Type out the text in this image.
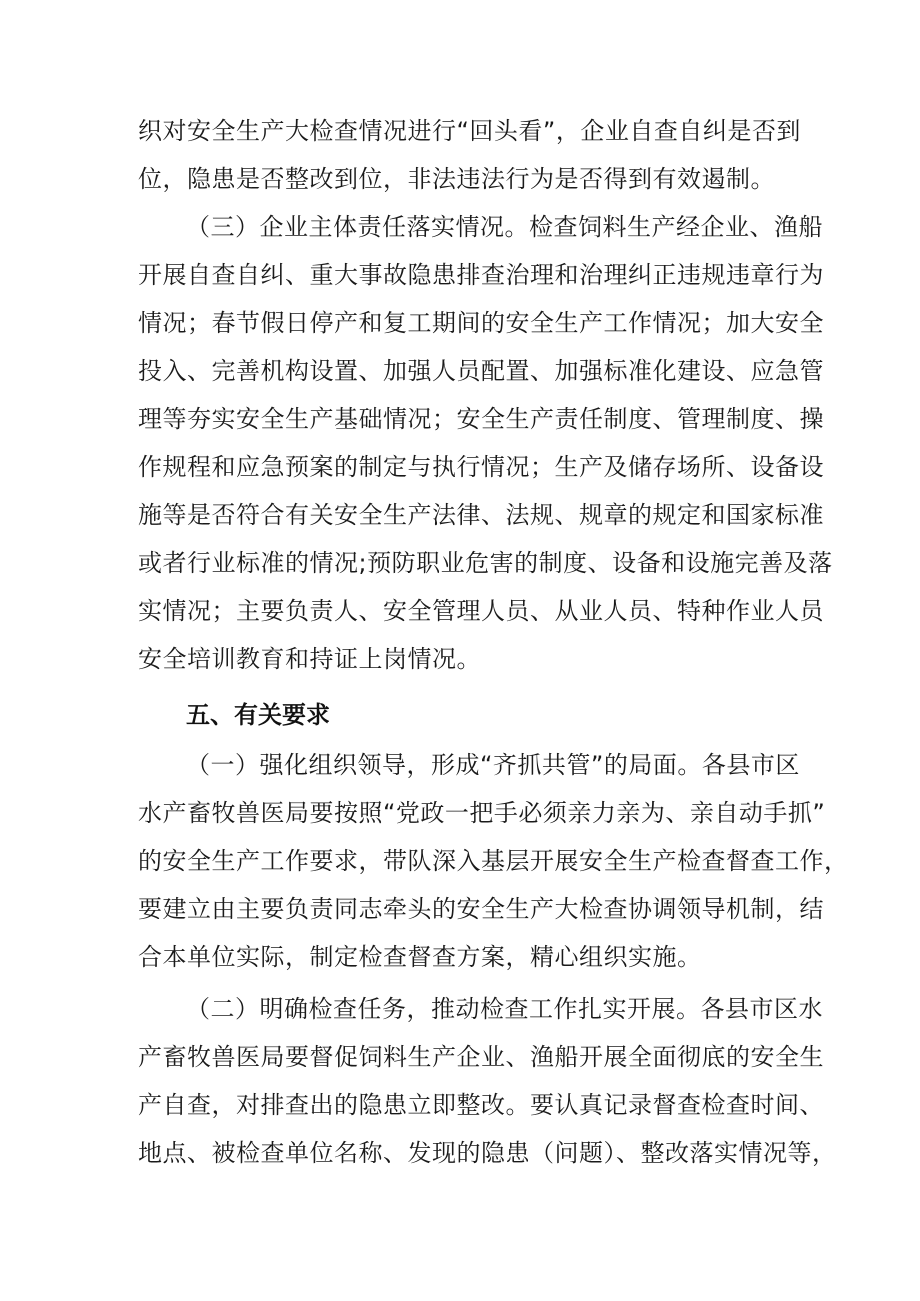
织对安全生产大检查情况进行“回头看”，企业自查自纠是否到
位，隐患是否整改到位，非法违法行为是否得到有效遏制。
（三）企业主体责任落实情况。检查饲料生产经企业、渔船
开展自查自纠、重大事故隐患排查治理和治理纠正违规违章行为
情况；春节假日停产和复工期间的安全生产工作情况；加大安全
投入、完善机构设置、加强人员配置、加强标准化建设、应急管
理等夯实安全生产基础情况；安全生产责任制度、管理制度、操
作规程和应急预案的制定与执行情况；生产及储存场所、设备设
施等是否符合有关安全生产法律、法规、规章的规定和国家标准
或者行业标准的情况;预防职业危害的制度、设备和设施完善及落
实情况；主要负责人、安全管理人员、从业人员、特种作业人员
安全培训教育和持证上岗情况。
五、有关要求
（一）强化组织领导，形成“齐抓共管”的局面。各县市区
水产畜牧兽医局要按照“党政一把手必须亲力亲为、亲自动手抓”
的安全生产工作要求，带队深入基层开展安全生产检查督查工作，
要建立由主要负责同志牵头的安全生产大检查协调领导机制，结
合本单位实际，制定检查督查方案，精心组织实施。
（二）明确检查任务，推动检查工作扎实开展。各县市区水
产畜牧兽医局要督促饲料生产企业、渔船开展全面彻底的安全生
产自查，对排查出的隐患立即整改。要认真记录督查检查时间、
地点、被检查单位名称、发现的隐患（问题）、整改落实情况等，
